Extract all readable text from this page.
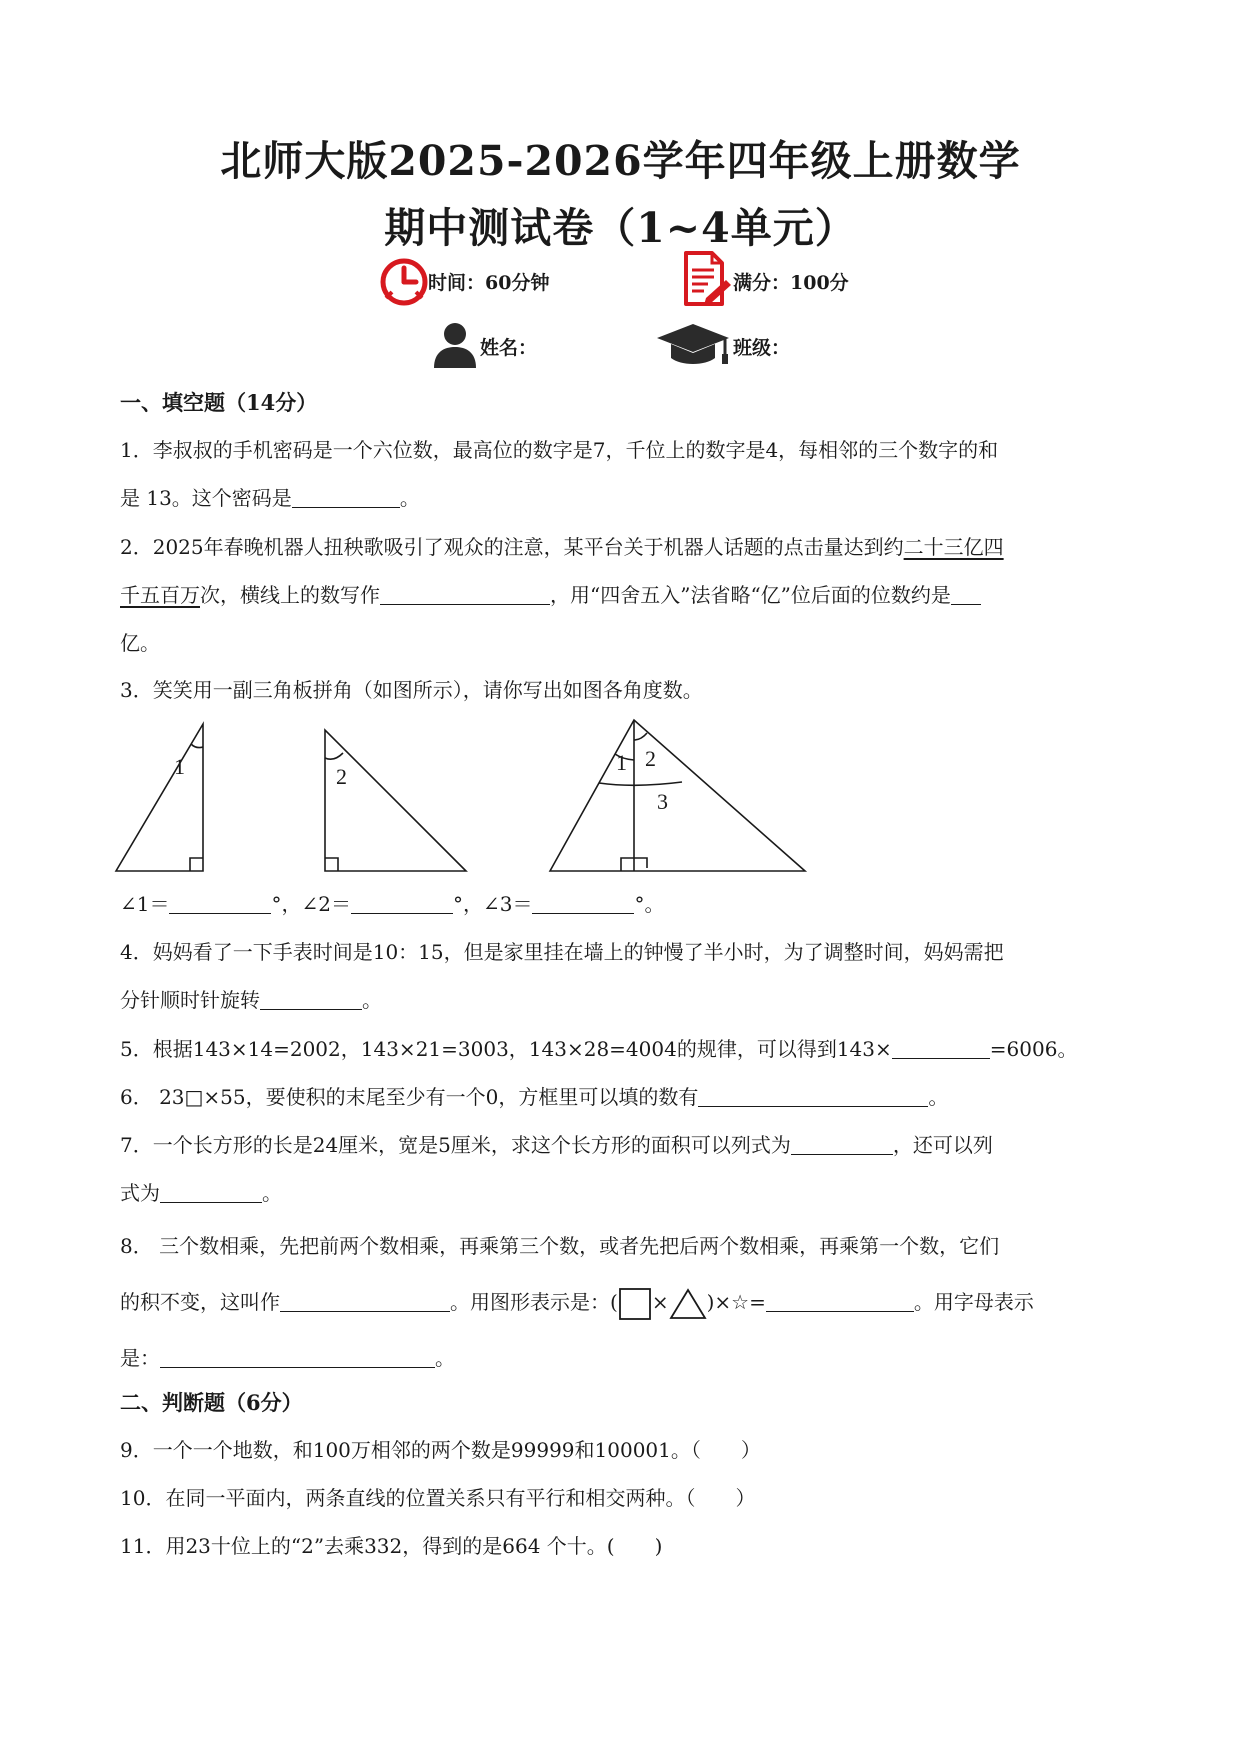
北师大版2025-2026学年四年级上册数学
期中测试卷（1~4单元）
时间：60分钟	满分：100分
姓名：	班级：
一、填空题（14分）
1．李叔叔的手机密码是一个六位数，最高位的数字是7，千位上的数字是4，每相邻的三个数字的和
是 13。这个密码是	。
2．2025年春晚机器人扭秧歌吸引了观众的注意，某平台关于机器人话题的点击量达到约二十三亿四
千五百万次，横线上的数写作	，用“四舍五入”法省略“亿”位后面的位数约是
亿。
3．笑笑用一副三角板拼角（如图所示），请你写出如图各角度数。
1	2
1 2
3
∠1＝	°，∠2＝	°，∠3＝	°。
4．妈妈看了一下手表时间是10：15，但是家里挂在墙上的钟慢了半小时，为了调整时间，妈妈需把
分针顺时针旋转	。
5．根据143×14=2002，143×21=3003，143×28=4004的规律，可以得到143×	=6006。
6． 23□×55，要使积的末尾至少有一个0，方框里可以填的数有	。
7．一个长方形的长是24厘米，宽是5厘米，求这个长方形的面积可以列式为	，还可以列
式为	。
8． 三个数相乘，先把前两个数相乘，再乘第三个数，或者先把后两个数相乘，再乘第一个数，它们
的积不变，这叫作	。用图形表示是：( × )×☆=	。用字母表示
是：	。
二、判断题（6分）
9．一个一个地数，和100万相邻的两个数是99999和100001。（　　）
10．在同一平面内，两条直线的位置关系只有平行和相交两种。（　　）
11．用23十位上的“2”去乘332，得到的是664 个十。(　　)
